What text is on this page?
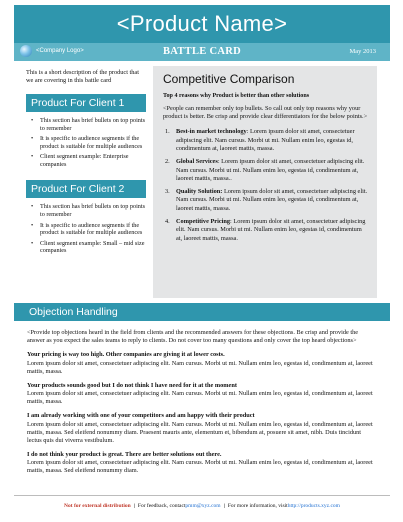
<Product Name>
<Company Logo>	BATTLE CARD	May 2013

This is a short description of the product that we are covering in this battle card

Product For Client 1
• This section has brief bullets on top points to remember
• It is specific to audience segments if the product is suitable for multiple audiences
• Client segment example: Enterprise companies
Product For Client 2
• This section has brief bullets on top points to remember
• It is specific to audience segments if the product is suitable for multiple audiences
• Client segment example: Small – mid size companies
Competitive Comparison
Top 4 reasons why Product is better than other solutions

<People can remember only top bullets. So call out only top reasons why your product is better. Be crisp and provide clear differentiators for the below points.>

1. Best-in market technology: Lorem ipsum dolor sit amet, consectetuer adipiscing elit. Nam cursus. Morbi ut mi. Nullam enim leo, egestas id, condimentum at, laoreet mattis, massa.
2. Global Services: Lorem ipsum dolor sit amet, consectetuer adipiscing elit. Nam cursus. Morbi ut mi. Nullam enim leo, egestas id, condimentum at, laoreet mattis, massa..
3. Quality Solution: Lorem ipsum dolor sit amet, consectetuer adipiscing elit. Nam cursus. Morbi ut mi. Nullam enim leo, egestas id, condimentum at, laoreet mattis, massa.
4. Competitive Pricing: Lorem ipsum dolor sit amet, consectetuer adipiscing elit. Nam cursus. Morbi ut mi. Nullam enim leo, egestas id, condimentum at, laoreet mattis, massa.
Objection Handling

<Provide top objections heard in the field from clients and the recommended answers for these objections. Be crisp and provide the answer as you expect the sales teams to reply to clients. Do not cover too many questions and only cover the top heard objections>

Your pricing is way too high. Other companies are giving it at lower costs.
Lorem ipsum dolor sit amet, consectetuer adipiscing elit. Nam cursus. Morbi ut mi. Nullam enim leo, egestas id, condimentum at, laoreet mattis, massa.
Your products sounds good but I do not think I have need for it at the moment
Lorem ipsum dolor sit amet, consectetuer adipiscing elit. Nam cursus. Morbi ut mi. Nullam enim leo, egestas id, condimentum at, laoreet mattis, massa.
I am already working with one of your competitors and am happy with their product
Lorem ipsum dolor sit amet, consectetuer adipiscing elit. Nam cursus. Morbi ut mi. Nullam enim leo, egestas id, condimentum at, laoreet mattis, massa. Sed eleifend nonummy diam. Praesent mauris ante, elementum et, bibendum at, posuere sit amet, nibh. Duis tincidunt lectus quis dui viverra vestibulum.
I do not think your product is great. There are better solutions out there.
Lorem ipsum dolor sit amet, consectetuer adipiscing elit. Nam cursus. Morbi ut mi. Nullam enim leo, egestas id, condimentum at, laoreet mattis, massa. Sed eleifend nonummy diam.
Not for external distribution | For feedback, contact pmm@xyz.com | For more information, visit http://products.xyz.com
